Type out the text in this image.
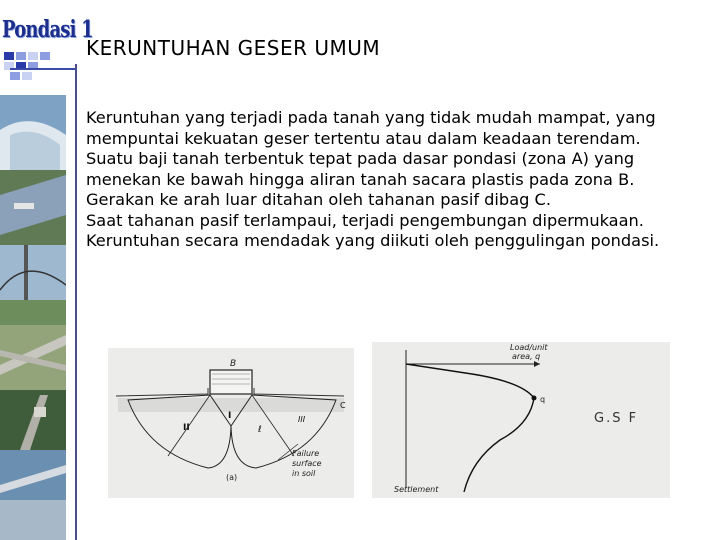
Pondasi 1
KERUNTUHAN GESER UMUM

Keruntuhan yang terjadi pada tanah yang tidak mudah mampat, yang mempuntai kekuatan geser tertentu atau dalam keadaan terendam.

Suatu baji tanah terbentuk tepat pada dasar pondasi (zona A) yang menekan ke bawah hingga aliran tanah sacara plastis pada zona B. Gerakan ke arah luar ditahan oleh tahanan pasif dibag C.

Saat tahanan pasif terlampaui, terjadi pengembungan dipermukaan. Keruntuhan secara mendadak yang diikuti oleh penggulingan pondasi.

B
I
II
III
C
ℓ
Failure
surface
in soil
(a)
Load/unit
area, q
q
G.S F
Settlement
